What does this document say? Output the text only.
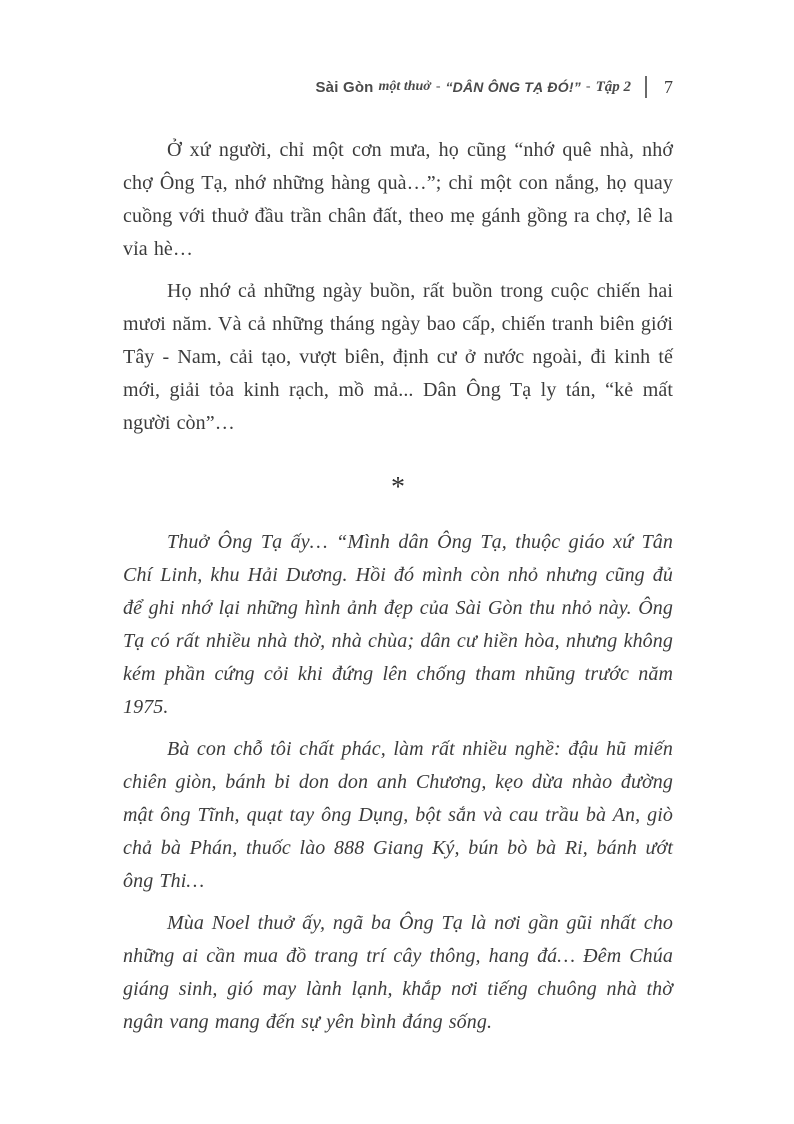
Sài Gòn một thuở - “DÂN ÔNG TẠ ĐÓ!” - Tập 2 7

Ở xứ người, chỉ một cơn mưa, họ cũng “nhớ quê nhà, nhớ chợ Ông Tạ, nhớ những hàng quà…”; chỉ một con nắng, họ quay cuồng với thuở đầu trần chân đất, theo mẹ gánh gồng ra chợ, lê la vỉa hè…

Họ nhớ cả những ngày buồn, rất buồn trong cuộc chiến hai mươi năm. Và cả những tháng ngày bao cấp, chiến tranh biên giới Tây - Nam, cải tạo, vượt biên, định cư ở nước ngoài, đi kinh tế mới, giải tỏa kinh rạch, mồ mả... Dân Ông Tạ ly tán, “kẻ mất người còn”…

*

Thuở Ông Tạ ấy… “Mình dân Ông Tạ, thuộc giáo xứ Tân Chí Linh, khu Hải Dương. Hồi đó mình còn nhỏ nhưng cũng đủ để ghi nhớ lại những hình ảnh đẹp của Sài Gòn thu nhỏ này. Ông Tạ có rất nhiều nhà thờ, nhà chùa; dân cư hiền hòa, nhưng không kém phần cứng cỏi khi đứng lên chống tham nhũng trước năm 1975.

Bà con chỗ tôi chất phác, làm rất nhiều nghề: đậu hũ miến chiên giòn, bánh bi don don anh Chương, kẹo dừa nhào đường mật ông Tĩnh, quạt tay ông Dụng, bột sắn và cau trầu bà An, giò chả bà Phán, thuốc lào 888 Giang Ký, bún bò bà Ri, bánh ướt ông Thi…

Mùa Noel thuở ấy, ngã ba Ông Tạ là nơi gần gũi nhất cho những ai cần mua đồ trang trí cây thông, hang đá… Đêm Chúa giáng sinh, gió may lành lạnh, khắp nơi tiếng chuông nhà thờ ngân vang mang đến sự yên bình đáng sống.
